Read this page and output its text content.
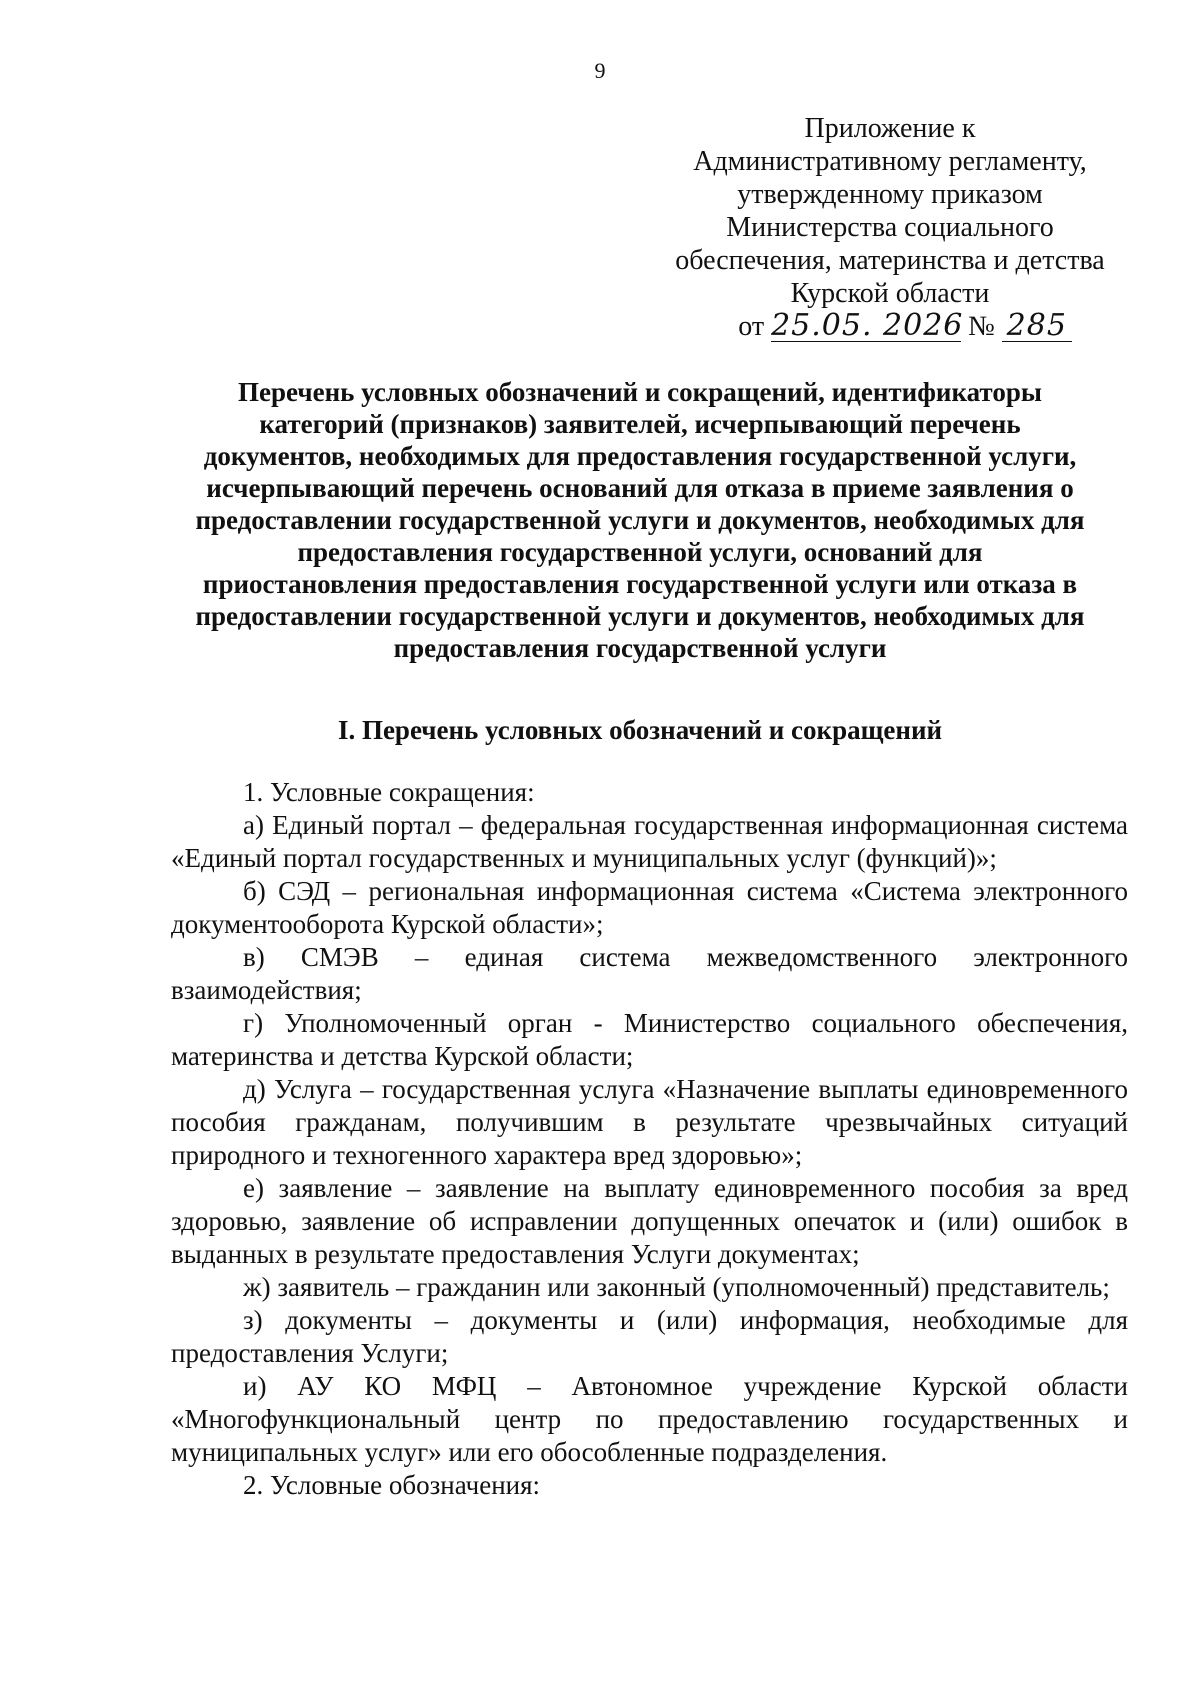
9
Приложение к
Административному регламенту,
утвержденному приказом
Министерства социального
обеспечения, материнства и детства
Курской области
от 25.05. 2026 № 285
Перечень условных обозначений и сокращений, идентификаторы
категорий (признаков) заявителей, исчерпывающий перечень
документов, необходимых для предоставления государственной услуги,
исчерпывающий перечень оснований для отказа в приеме заявления о
предоставлении государственной услуги и документов, необходимых для
предоставления государственной услуги, оснований для
приостановления предоставления государственной услуги или отказа в
предоставлении государственной услуги и документов, необходимых для
предоставления государственной услуги
I. Перечень условных обозначений и сокращений

1. Условные сокращения:

а) Единый портал – федеральная государственная информационная система «Единый портал государственных и муниципальных услуг (функций)»;

б) СЭД – региональная информационная система «Система электронного документооборота Курской области»;

в) СМЭВ – единая система межведомственного электронного взаимодействия;

г) Уполномоченный орган - Министерство социального обеспечения, материнства и детства Курской области;

д) Услуга – государственная услуга «Назначение выплаты единовременного пособия гражданам, получившим в результате чрезвычайных ситуаций природного и техногенного характера вред здоровью»;

е) заявление – заявление на выплату единовременного пособия за вред здоровью, заявление об исправлении допущенных опечаток и (или) ошибок в выданных в результате предоставления Услуги документах;

ж) заявитель – гражданин или законный (уполномоченный) представитель;

з) документы – документы и (или) информация, необходимые для предоставления Услуги;

и) АУ КО МФЦ – Автономное учреждение Курской области «Многофункциональный центр по предоставлению государственных и муниципальных услуг» или его обособленные подразделения.

2. Условные обозначения:
